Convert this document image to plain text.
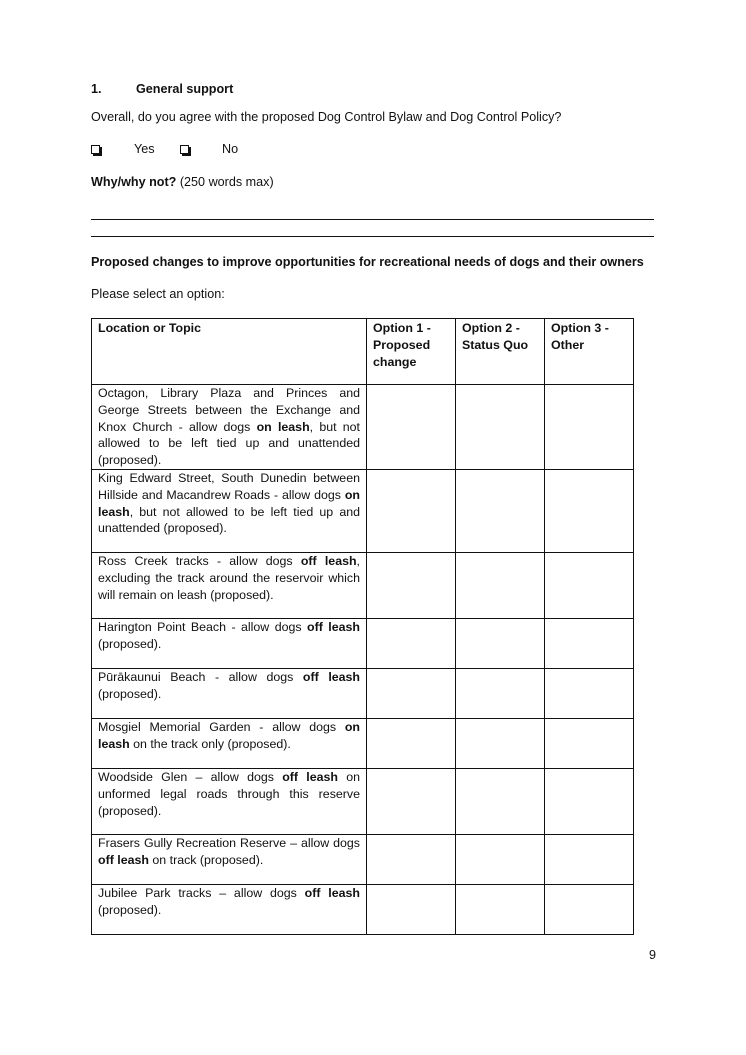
1.	General support
Overall, do you agree with the proposed Dog Control Bylaw and Dog Control Policy?
Yes	No
Why/why not? (250 words max)
Proposed changes to improve opportunities for recreational needs of dogs and their owners
Please select an option:
Location or Topic	Option 1 - Proposed change	Option 2 - Status Quo	Option 3 - Other
Octagon, Library Plaza and Princes and George Streets between the Exchange and Knox Church - allow dogs on leash, but not allowed to be left tied up and unattended (proposed).			
King Edward Street, South Dunedin between Hillside and Macandrew Roads - allow dogs on leash, but not allowed to be left tied up and unattended (proposed).			
Ross Creek tracks - allow dogs off leash, excluding the track around the reservoir which will remain on leash (proposed).			
Harington Point Beach - allow dogs off leash (proposed).			
Pūrākaunui Beach - allow dogs off leash (proposed).			
Mosgiel Memorial Garden - allow dogs on leash on the track only (proposed).			
Woodside Glen – allow dogs off leash on unformed legal roads through this reserve (proposed).			
Frasers Gully Recreation Reserve – allow dogs off leash on track (proposed).			
Jubilee Park tracks – allow dogs off leash (proposed).			
9
